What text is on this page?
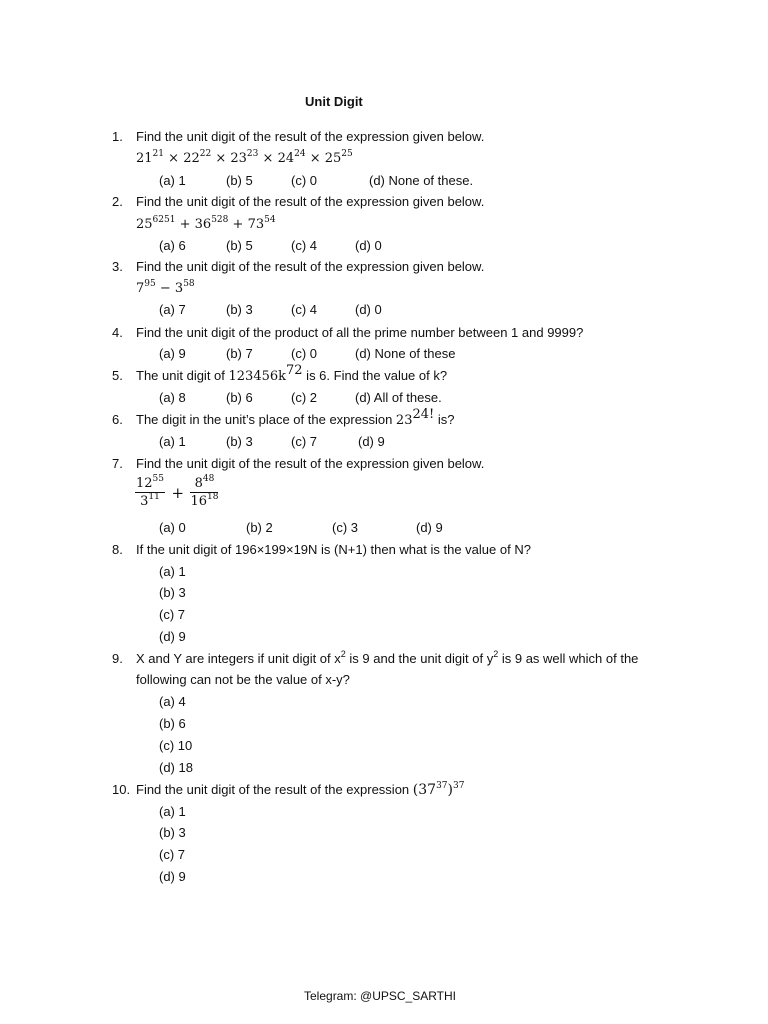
Unit Digit
1. Find the unit digit of the result of the expression given below.
$21^{21} \times 22^{22} \times 23^{23} \times 24^{24} \times 25^{25}$
(a) 1	(b) 5	(c) 0	(d) None of these.
2. Find the unit digit of the result of the expression given below.
$25^{6251} + 36^{528} + 73^{54}$
(a) 6	(b) 5	(c) 4	(d) 0
3. Find the unit digit of the result of the expression given below.
$7^{95} - 3^{58}$
(a) 7	(b) 3	(c) 4	(d) 0
4. Find the unit digit of the product of all the prime number between 1 and 9999?
(a) 9	(b) 7	(c) 0	(d) None of these
5. The unit digit of $123456k^{72}$ is 6. Find the value of k?
(a) 8	(b) 6	(c) 2	(d) All of these.
6. The digit in the unit’s place of the expression $23^{24!}$ is?
(a) 1	(b) 3	(c) 7	(d) 9
7. Find the unit digit of the result of the expression given below.
$\frac{12^{55}}{3^{11}} + \frac{8^{48}}{16^{18}}$
(a) 0	(b) 2	(c) 3	(d) 9
8. If the unit digit of 196×199×19N is (N+1) then what is the value of N?
(a) 1
(b) 3
(c) 7
(d) 9
9. X and Y are integers if unit digit of $x^2$ is 9 and the unit digit of $y^2$ is 9 as well which of the
following can not be the value of x-y?
(a) 4
(b) 6
(c) 10
(d) 18
10. Find the unit digit of the result of the expression $(37^{37})^{37}$
(a) 1
(b) 3
(c) 7
(d) 9
Telegram: @UPSC_SARTHI
